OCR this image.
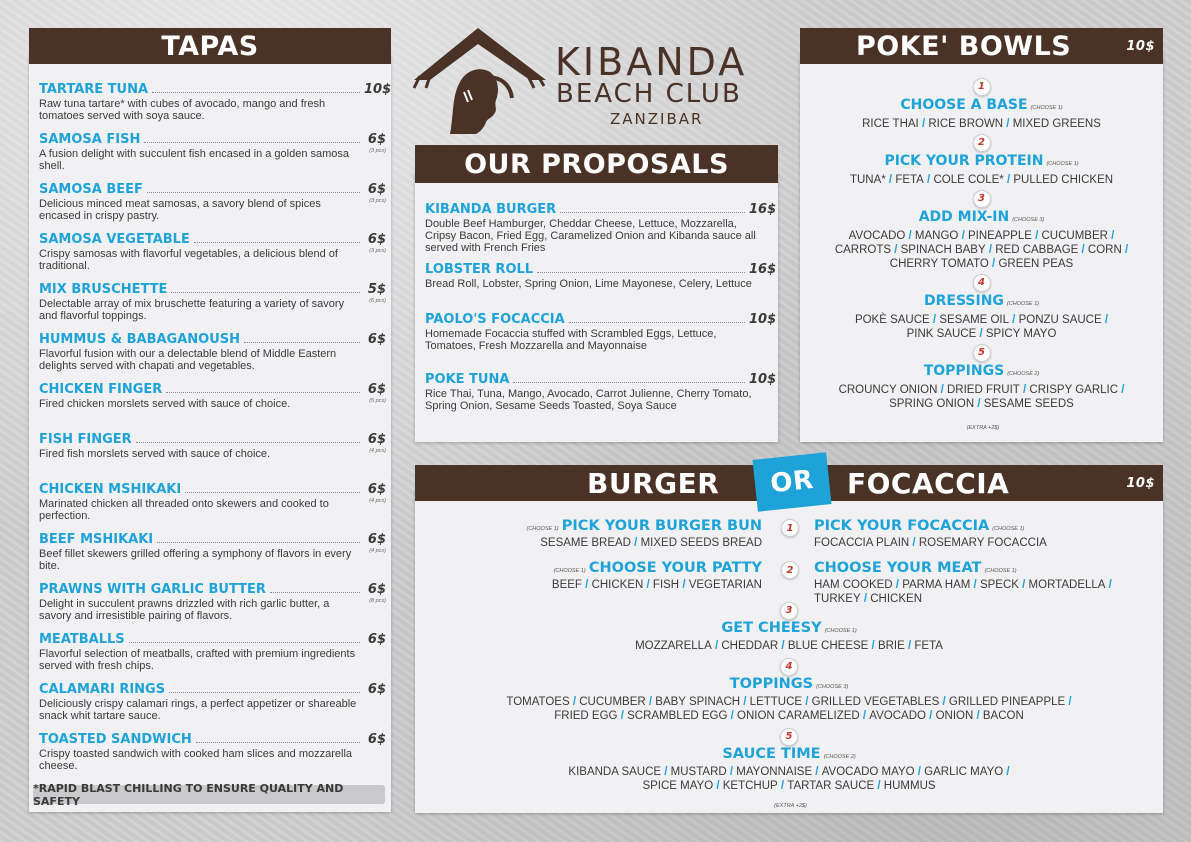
TAPAS
TARTARE TUNA	10$
Raw tuna tartare* with cubes of avocado, mango and fresh tomatoes served with soya sauce.
SAMOSA FISH	6$
A fusion delight with succulent fish encased in a golden samosa shell.
(3 pcs)
SAMOSA BEEF	6$
Delicious minced meat samosas, a savory blend of spices encased in crispy pastry.
(3 pcs)
SAMOSA VEGETABLE	6$
Crispy samosas with flavorful vegetables, a delicious blend of traditional.
(3 pcs)
MIX BRUSCHETTE	5$
Delectable array of mix bruschette featuring a variety of savory and flavorful toppings.
(6 pcs)
HUMMUS & BABAGANOUSH	6$
Flavorful fusion with our a delectable blend of Middle Eastern delights served with chapati and vegetables.
CHICKEN FINGER	6$
Fired chicken morslets served with sauce of choice.	(5 pcs)
FISH FINGER	6$
Fired fish morslets served with sauce of choice.	(4 pcs)
CHICKEN MSHIKAKI	6$
Marinated chicken all threaded onto skewers and cooked to perfection.
(4 pcs)
BEEF MSHIKAKI	6$
Beef fillet skewers grilled offering a symphony of flavors in every bite.
(4 pcs)
PRAWNS WITH GARLIC BUTTER	6$
Delight in succulent prawns drizzled with rich garlic butter, a savory and irresistible pairing of flavors.
(8 pcs)
MEATBALLS	6$
Flavorful selection of meatballs, crafted with premium ingredients served with fresh chips.
CALAMARI RINGS	6$
Deliciously crispy calamari rings, a perfect appetizer or shareable snack whit tartare sauce.
TOASTED SANDWICH	6$
Crispy toasted sandwich with cooked ham slices and mozzarella cheese.
*RAPID BLAST CHILLING TO ENSURE QUALITY AND SAFETY
KIBANDA
BEACH CLUB
ZANZIBAR
OUR PROPOSALS
KIBANDA BURGER	16$
Double Beef Hamburger, Cheddar Cheese, Lettuce, Mozzarella, Cripsy Bacon, Fried Egg, Caramelized Onion and Kibanda sauce all served with French Fries
LOBSTER ROLL	16$
Bread Roll, Lobster, Spring Onion, Lime Mayonese, Celery, Lettuce
PAOLO'S FOCACCIA	10$
Homemade Focaccia stuffed with Scrambled Eggs, Lettuce, Tomatoes, Fresh Mozzarella and Mayonnaise
POKE TUNA	10$
Rice Thai, Tuna, Mango, Avocado, Carrot Julienne, Cherry Tomato, Spring Onion, Sesame Seeds Toasted, Soya Sauce
POKE' BOWLS	10$
1
CHOOSE A BASE (CHOOSE 1)
RICE THAI / RICE BROWN / MIXED GREENS
2
PICK YOUR PROTEIN (CHOOSE 1)
TUNA* / FETA / COLE COLE* / PULLED CHICKEN
3
ADD MIX-IN (CHOOSE 3)
AVOCADO / MANGO / PINEAPPLE / CUCUMBER /
CARROTS / SPINACH BABY / RED CABBAGE / CORN /
CHERRY TOMATO / GREEN PEAS
4
DRESSING (CHOOSE 1)
POKÈ SAUCE / SESAME OIL / PONZU SAUCE /
PINK SAUCE / SPICY MAYO
5
TOPPINGS (CHOOSE 2)
CROUNCY ONION / DRIED FRUIT / CRISPY GARLIC /
SPRING ONION / SESAME SEEDS
(EXTRA +2$)
BURGER	OR	FOCACCIA	10$
(CHOOSE 1) PICK YOUR BURGER BUN
SESAME BREAD / MIXED SEEDS BREAD
1	PICK YOUR FOCACCIA (CHOOSE 1)
FOCACCIA PLAIN / ROSEMARY FOCACCIA
(CHOOSE 1) CHOOSE YOUR PATTY
BEEF / CHICKEN / FISH / VEGETARIAN
2	CHOOSE YOUR MEAT (CHOOSE 1)
HAM COOKED / PARMA HAM / SPECK / MORTADELLA /
TURKEY / CHICKEN
3
GET CHEESY (CHOOSE 1)
MOZZARELLA / CHEDDAR / BLUE CHEESE / BRIE / FETA
4
TOPPINGS (CHOOSE 3)
TOMATOES / CUCUMBER / BABY SPINACH / LETTUCE / GRILLED VEGETABLES / GRILLED PINEAPPLE /
FRIED EGG / SCRAMBLED EGG / ONION CARAMELIZED / AVOCADO / ONION / BACON
5
SAUCE TIME (CHOOSE 2)
KIBANDA SAUCE / MUSTARD / MAYONNAISE / AVOCADO MAYO / GARLIC MAYO /
SPICE MAYO / KETCHUP / TARTAR SAUCE / HUMMUS
(EXTRA +2$)
